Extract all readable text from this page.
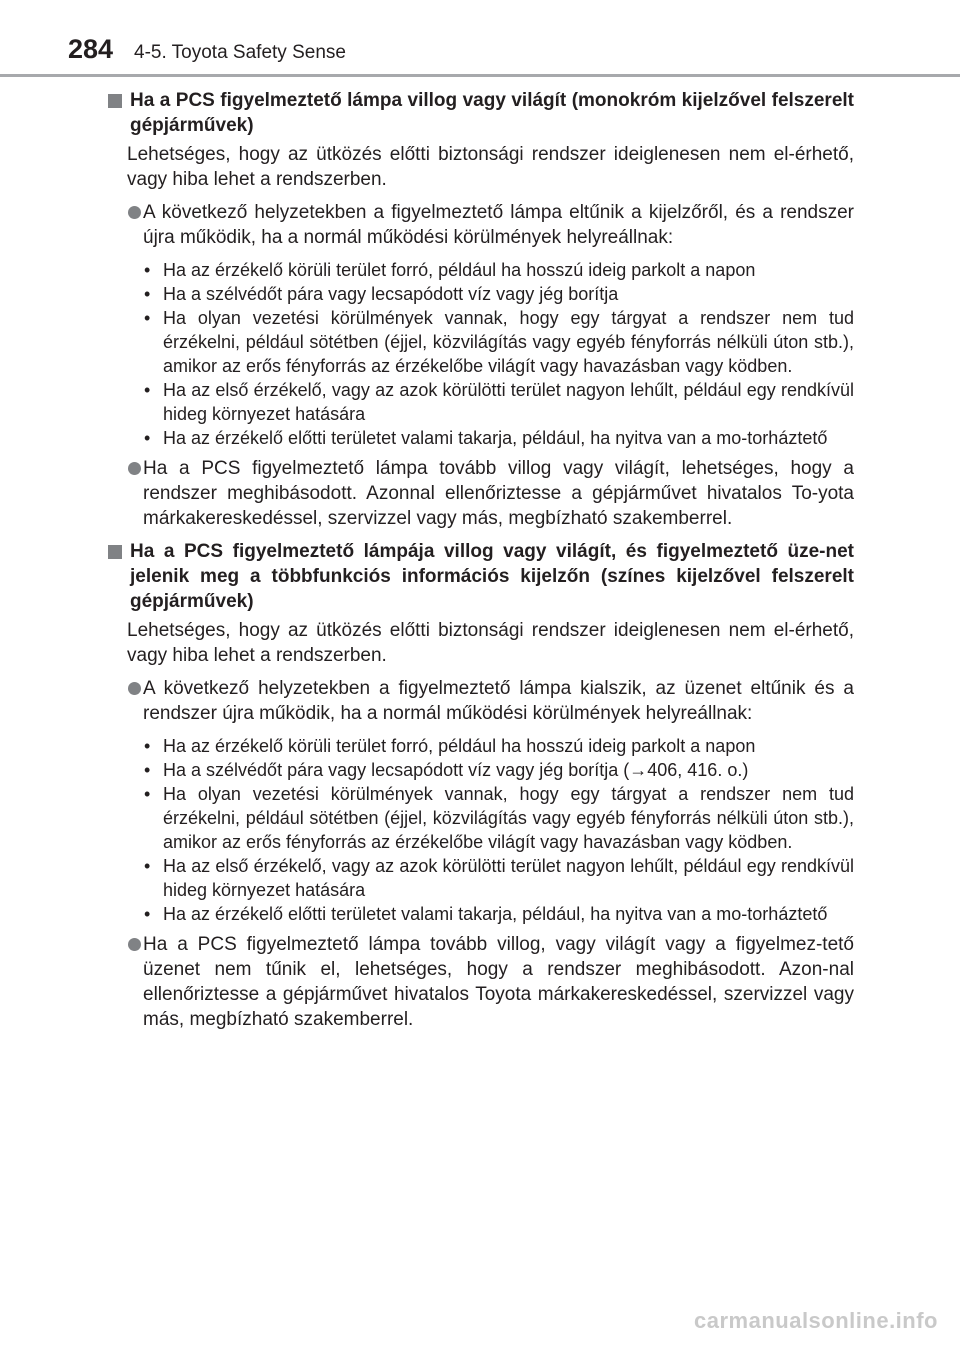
284 4-5. Toyota Safety Sense
Ha a PCS figyelmeztető lámpa villog vagy világít (monokróm kijelzővel felszerelt gépjárművek)
Lehetséges, hogy az ütközés előtti biztonsági rendszer ideiglenesen nem el-érhető, vagy hiba lehet a rendszerben.
A következő helyzetekben a figyelmeztető lámpa eltűnik a kijelzőről, és a rendszer újra működik, ha a normál működési körülmények helyreállnak:
• Ha az érzékelő körüli terület forró, például ha hosszú ideig parkolt a napon
• Ha a szélvédőt pára vagy lecsapódott víz vagy jég borítja
• Ha olyan vezetési körülmények vannak, hogy egy tárgyat a rendszer nem tud érzékelni, például sötétben (éjjel, közvilágítás vagy egyéb fényforrás nélküli úton stb.), amikor az erős fényforrás az érzékelőbe világít vagy havazásban vagy ködben.
• Ha az első érzékelő, vagy az azok körülötti terület nagyon lehűlt, például egy rendkívül hideg környezet hatására
• Ha az érzékelő előtti területet valami takarja, például, ha nyitva van a mo-torháztető
Ha a PCS figyelmeztető lámpa tovább villog vagy világít, lehetséges, hogy a rendszer meghibásodott. Azonnal ellenőriztesse a gépjárművet hivatalos To-yota márkakereskedéssel, szervizzel vagy más, megbízható szakemberrel.
Ha a PCS figyelmeztető lámpája villog vagy világít, és figyelmeztető üze-net jelenik meg a többfunkciós információs kijelzőn (színes kijelzővel felszerelt gépjárművek)
Lehetséges, hogy az ütközés előtti biztonsági rendszer ideiglenesen nem el-érhető, vagy hiba lehet a rendszerben.
A következő helyzetekben a figyelmeztető lámpa kialszik, az üzenet eltűnik és a rendszer újra működik, ha a normál működési körülmények helyreállnak:
• Ha az érzékelő körüli terület forró, például ha hosszú ideig parkolt a napon
• Ha a szélvédőt pára vagy lecsapódott víz vagy jég borítja (→406, 416. o.)
• Ha olyan vezetési körülmények vannak, hogy egy tárgyat a rendszer nem tud érzékelni, például sötétben (éjjel, közvilágítás vagy egyéb fényforrás nélküli úton stb.), amikor az erős fényforrás az érzékelőbe világít vagy havazásban vagy ködben.
• Ha az első érzékelő, vagy az azok körülötti terület nagyon lehűlt, például egy rendkívül hideg környezet hatására
• Ha az érzékelő előtti területet valami takarja, például, ha nyitva van a mo-torháztető
Ha a PCS figyelmeztető lámpa tovább villog, vagy világít vagy a figyelmez-tető üzenet nem tűnik el, lehetséges, hogy a rendszer meghibásodott. Azon-nal ellenőriztesse a gépjárművet hivatalos Toyota márkakereskedéssel, szervizzel vagy más, megbízható szakemberrel.
carmanualsonline.info
